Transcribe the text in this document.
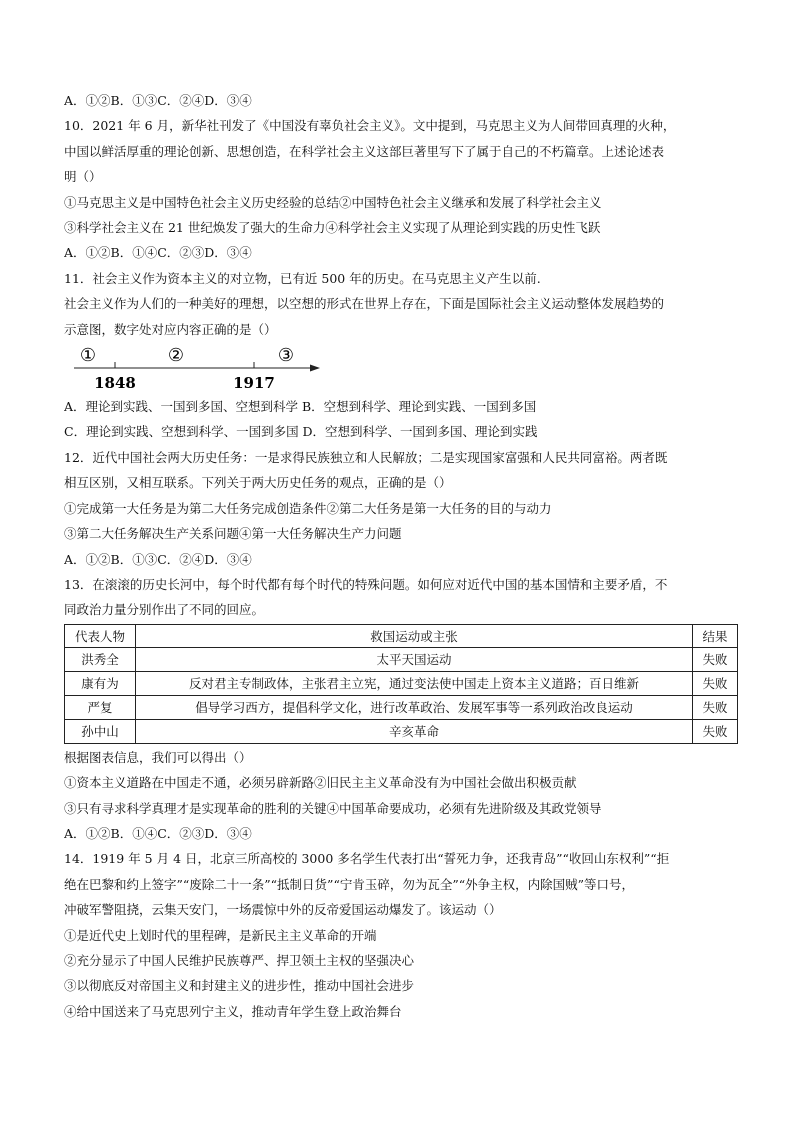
A．①②B．①③C．②④D．③④
10．2021 年 6 月，新华社刊发了《中国没有辜负社会主义》。文中提到，马克思主义为人间带回真理的火种，
中国以鲜活厚重的理论创新、思想创造，在科学社会主义这部巨著里写下了属于自己的不朽篇章。上述论述表
明（）
①马克思主义是中国特色社会主义历史经验的总结②中国特色社会主义继承和发展了科学社会主义
③科学社会主义在 21 世纪焕发了强大的生命力④科学社会主义实现了从理论到实践的历史性飞跃
A．①②B．①④C．②③D．③④
11．社会主义作为资本主义的对立物，已有近 500 年的历史。在马克思主义产生以前.
社会主义作为人们的一种美好的理想，以空想的形式在世界上存在，下面是国际社会主义运动整体发展趋势的
示意图，数字处对应内容正确的是（）
①	②	③
1848	1917
A．理论到实践、一国到多国、空想到科学 B．空想到科学、理论到实践、一国到多国
C．理论到实践、空想到科学、一国到多国 D．空想到科学、一国到多国、理论到实践
12．近代中国社会两大历史任务：一是求得民族独立和人民解放；二是实现国家富强和人民共同富裕。两者既
相互区别，又相互联系。下列关于两大历史任务的观点，正确的是（）
①完成第一大任务是为第二大任务完成创造条件②第二大任务是第一大任务的目的与动力
③第二大任务解决生产关系问题④第一大任务解决生产力问题
A．①②B．①③C．②④D．③④
13．在滚滚的历史长河中，每个时代都有每个时代的特殊问题。如何应对近代中国的基本国情和主要矛盾，不
同政治力量分别作出了不同的回应。
代表人物	救国运动或主张	结果
洪秀全	太平天国运动	失败
康有为	反对君主专制政体，主张君主立宪，通过变法使中国走上资本主义道路；百日维新	失败
严复	倡导学习西方，提倡科学文化，进行改革政治、发展军事等一系列政治改良运动	失败
孙中山	辛亥革命	失败
根据图表信息，我们可以得出（）
①资本主义道路在中国走不通，必须另辟新路②旧民主主义革命没有为中国社会做出积极贡献
③只有寻求科学真理才是实现革命的胜利的关键④中国革命要成功，必须有先进阶级及其政党领导
A．①②B．①④C．②③D．③④
14．1919 年 5 月 4 日，北京三所高校的 3000 多名学生代表打出“誓死力争，还我青岛”“收回山东权利”“拒
绝在巴黎和约上签字”“废除二十一条”“抵制日货”“宁肯玉碎，勿为瓦全”“外争主权，内除国贼”等口号，
冲破军警阻挠，云集天安门，一场震惊中外的反帝爱国运动爆发了。该运动（）
①是近代史上划时代的里程碑，是新民主主义革命的开端
②充分显示了中国人民维护民族尊严、捍卫领土主权的坚强决心
③以彻底反对帝国主义和封建主义的进步性，推动中国社会进步
④给中国送来了马克思列宁主义，推动青年学生登上政治舞台
